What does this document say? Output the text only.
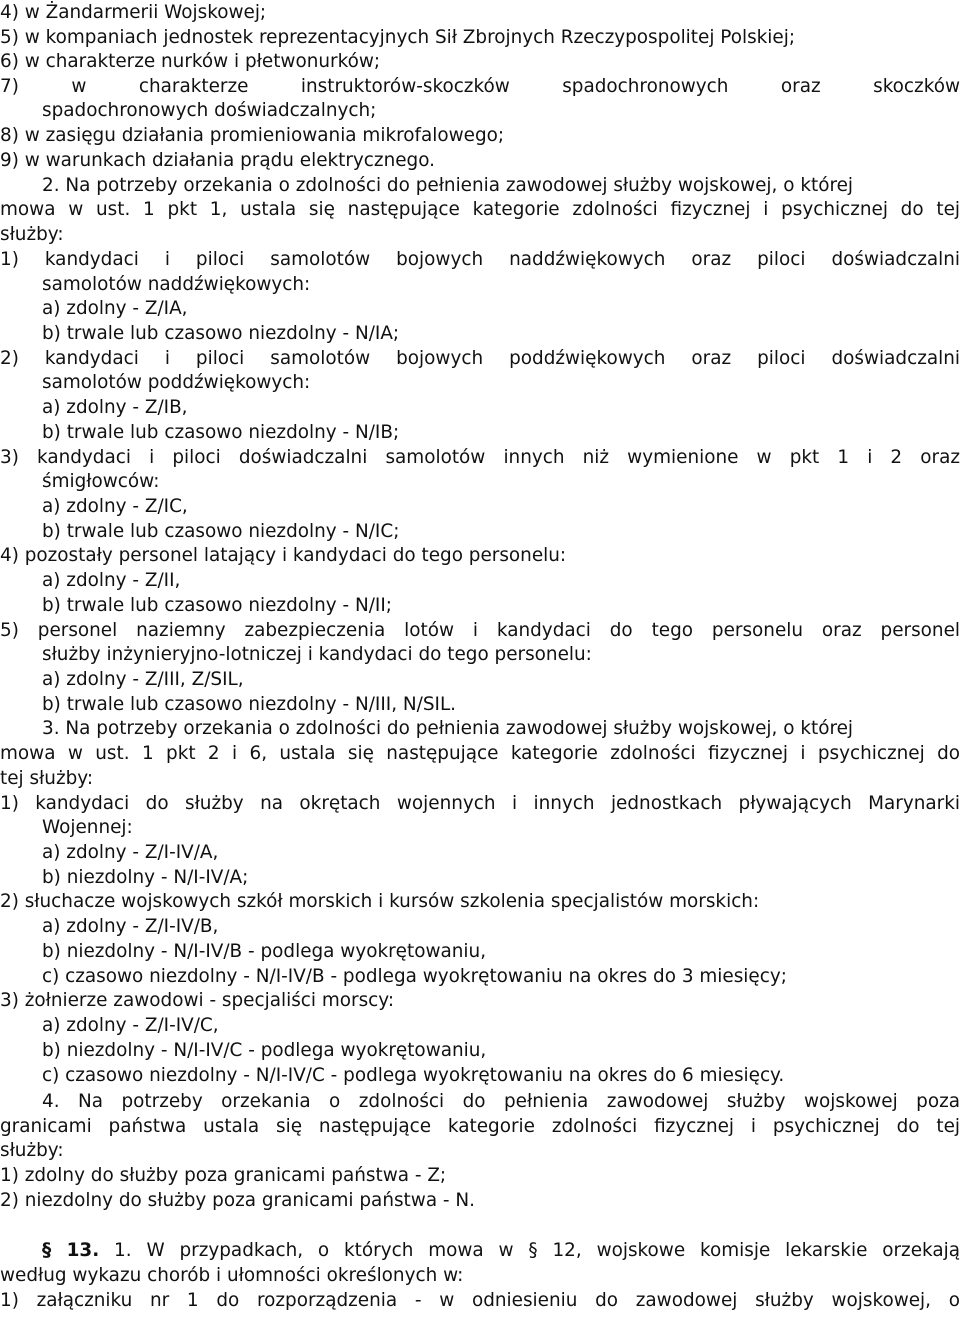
4) w Żandarmerii Wojskowej;
5) w kompaniach jednostek reprezentacyjnych Sił Zbrojnych Rzeczypospolitej Polskiej;
6) w charakterze nurków i płetwonurków;
7) w charakterze instruktorów-skoczków spadochronowych oraz skoczków
spadochronowych doświadczalnych;
8) w zasięgu działania promieniowania mikrofalowego;
9) w warunkach działania prądu elektrycznego.
2. Na potrzeby orzekania o zdolności do pełnienia zawodowej służby wojskowej, o której
mowa w ust. 1 pkt 1, ustala się następujące kategorie zdolności fizycznej i psychicznej do tej
służby:
1) kandydaci i piloci samolotów bojowych naddźwiękowych oraz piloci doświadczalni
samolotów naddźwiękowych:
a) zdolny - Z/IA,
b) trwale lub czasowo niezdolny - N/IA;
2) kandydaci i piloci samolotów bojowych poddźwiękowych oraz piloci doświadczalni
samolotów poddźwiękowych:
a) zdolny - Z/IB,
b) trwale lub czasowo niezdolny - N/IB;
3) kandydaci i piloci doświadczalni samolotów innych niż wymienione w pkt 1 i 2 oraz
śmigłowców:
a) zdolny - Z/IC,
b) trwale lub czasowo niezdolny - N/IC;
4) pozostały personel latający i kandydaci do tego personelu:
a) zdolny - Z/II,
b) trwale lub czasowo niezdolny - N/II;
5) personel naziemny zabezpieczenia lotów i kandydaci do tego personelu oraz personel
służby inżynieryjno-lotniczej i kandydaci do tego personelu:
a) zdolny - Z/III, Z/SIL,
b) trwale lub czasowo niezdolny - N/III, N/SIL.
3. Na potrzeby orzekania o zdolności do pełnienia zawodowej służby wojskowej, o której
mowa w ust. 1 pkt 2 i 6, ustala się następujące kategorie zdolności fizycznej i psychicznej do
tej służby:
1) kandydaci do służby na okrętach wojennych i innych jednostkach pływających Marynarki
Wojennej:
a) zdolny - Z/I-IV/A,
b) niezdolny - N/I-IV/A;
2) słuchacze wojskowych szkół morskich i kursów szkolenia specjalistów morskich:
a) zdolny - Z/I-IV/B,
b) niezdolny - N/I-IV/B - podlega wyokrętowaniu,
c) czasowo niezdolny - N/I-IV/B - podlega wyokrętowaniu na okres do 3 miesięcy;
3) żołnierze zawodowi - specjaliści morscy:
a) zdolny - Z/I-IV/C,
b) niezdolny - N/I-IV/C - podlega wyokrętowaniu,
c) czasowo niezdolny - N/I-IV/C - podlega wyokrętowaniu na okres do 6 miesięcy.
4. Na potrzeby orzekania o zdolności do pełnienia zawodowej służby wojskowej poza
granicami państwa ustala się następujące kategorie zdolności fizycznej i psychicznej do tej
służby:
1) zdolny do służby poza granicami państwa - Z;
2) niezdolny do służby poza granicami państwa - N.
§ 13. 1. W przypadkach, o których mowa w § 12, wojskowe komisje lekarskie orzekają
według wykazu chorób i ułomności określonych w:
1) załączniku nr 1 do rozporządzenia - w odniesieniu do zawodowej służby wojskowej, o
